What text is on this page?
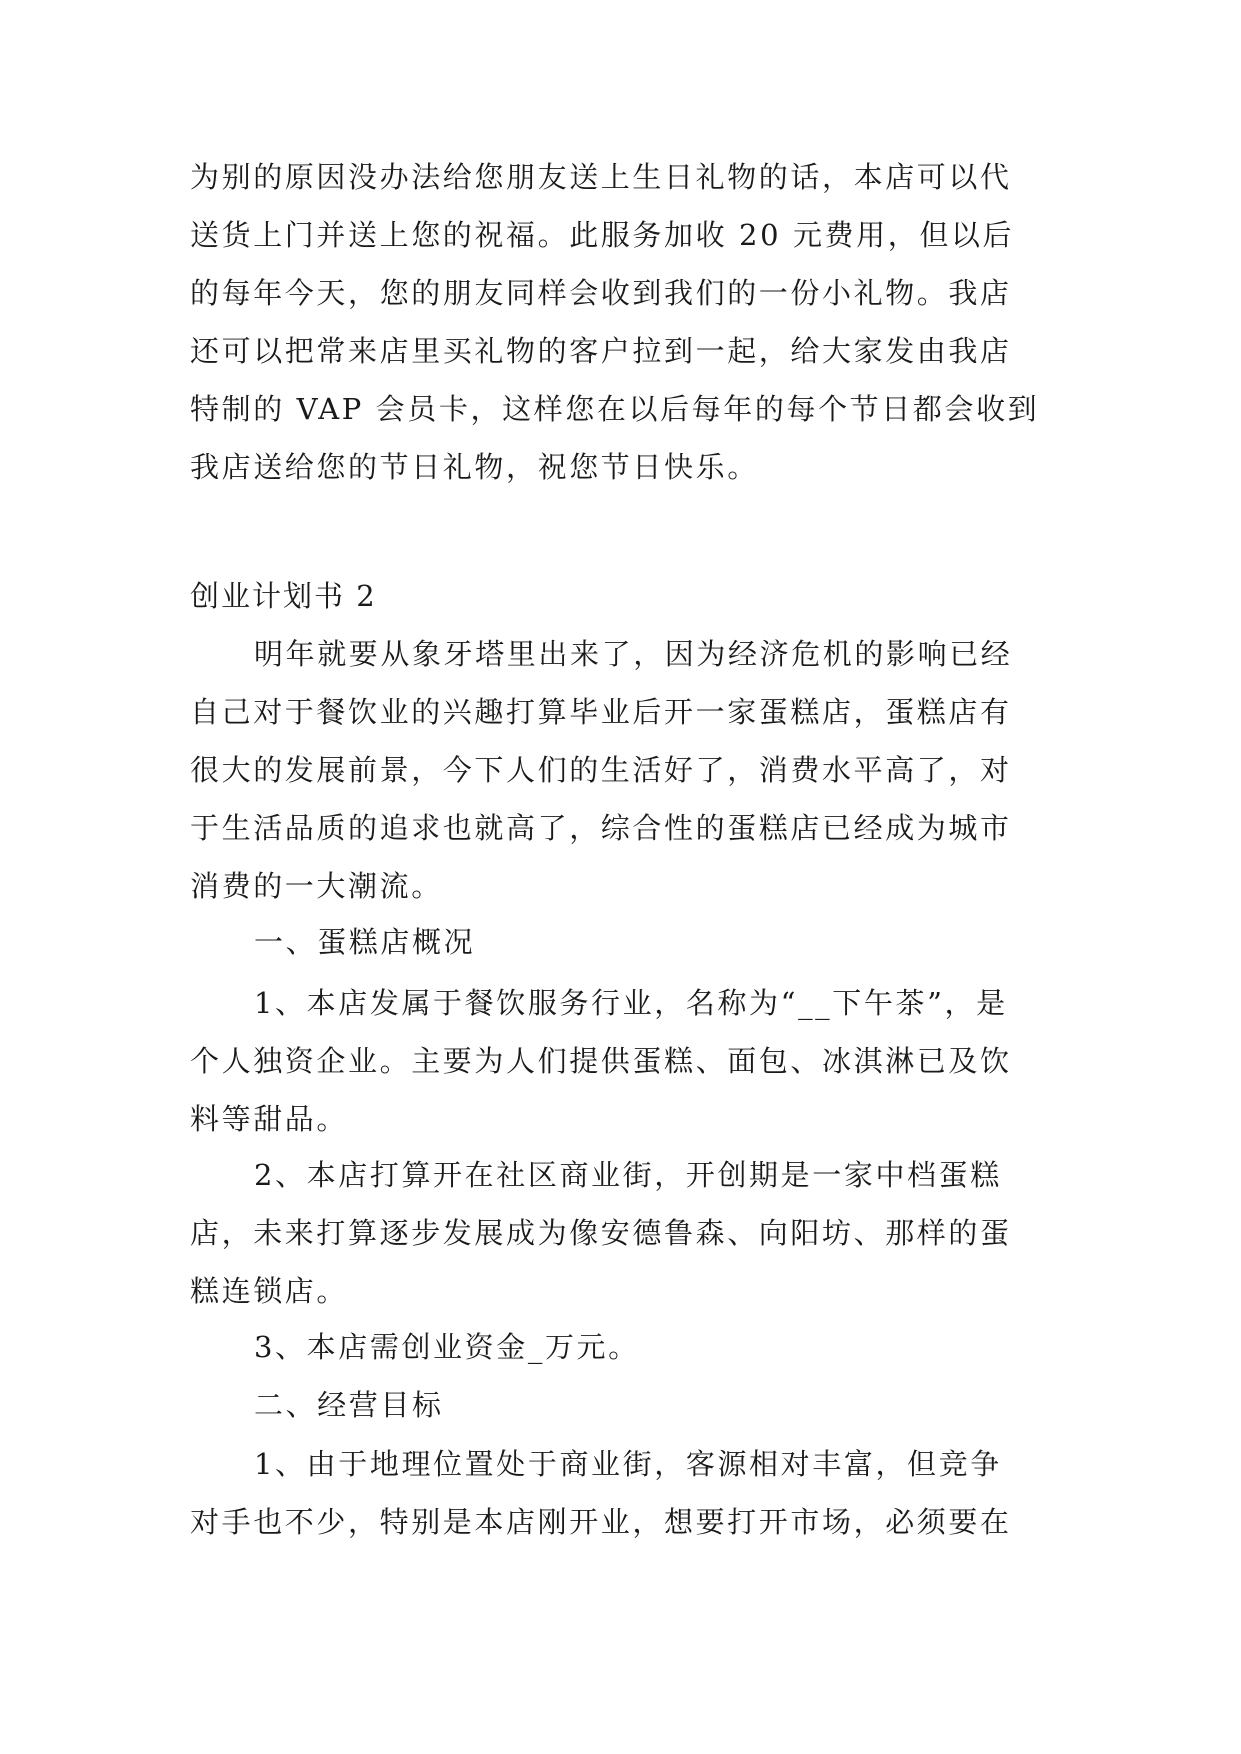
为别的原因没办法给您朋友送上生日礼物的话，本店可以代
送货上门并送上您的祝福。此服务加收 20 元费用，但以后
的每年今天，您的朋友同样会收到我们的一份小礼物。我店
还可以把常来店里买礼物的客户拉到一起，给大家发由我店
特制的 VAP 会员卡，这样您在以后每年的每个节日都会收到
我店送给您的节日礼物，祝您节日快乐。
创业计划书 2
明年就要从象牙塔里出来了，因为经济危机的影响已经
自己对于餐饮业的兴趣打算毕业后开一家蛋糕店，蛋糕店有
很大的发展前景，今下人们的生活好了，消费水平高了，对
于生活品质的追求也就高了，综合性的蛋糕店已经成为城市
消费的一大潮流。
一、蛋糕店概况
1、本店发属于餐饮服务行业，名称为“__下午茶”，是
个人独资企业。主要为人们提供蛋糕、面包、冰淇淋已及饮
料等甜品。
2、本店打算开在社区商业街，开创期是一家中档蛋糕
店，未来打算逐步发展成为像安德鲁森、向阳坊、那样的蛋
糕连锁店。
3、本店需创业资金_万元。
二、经营目标
1、由于地理位置处于商业街，客源相对丰富，但竞争
对手也不少，特别是本店刚开业，想要打开市场，必须要在
